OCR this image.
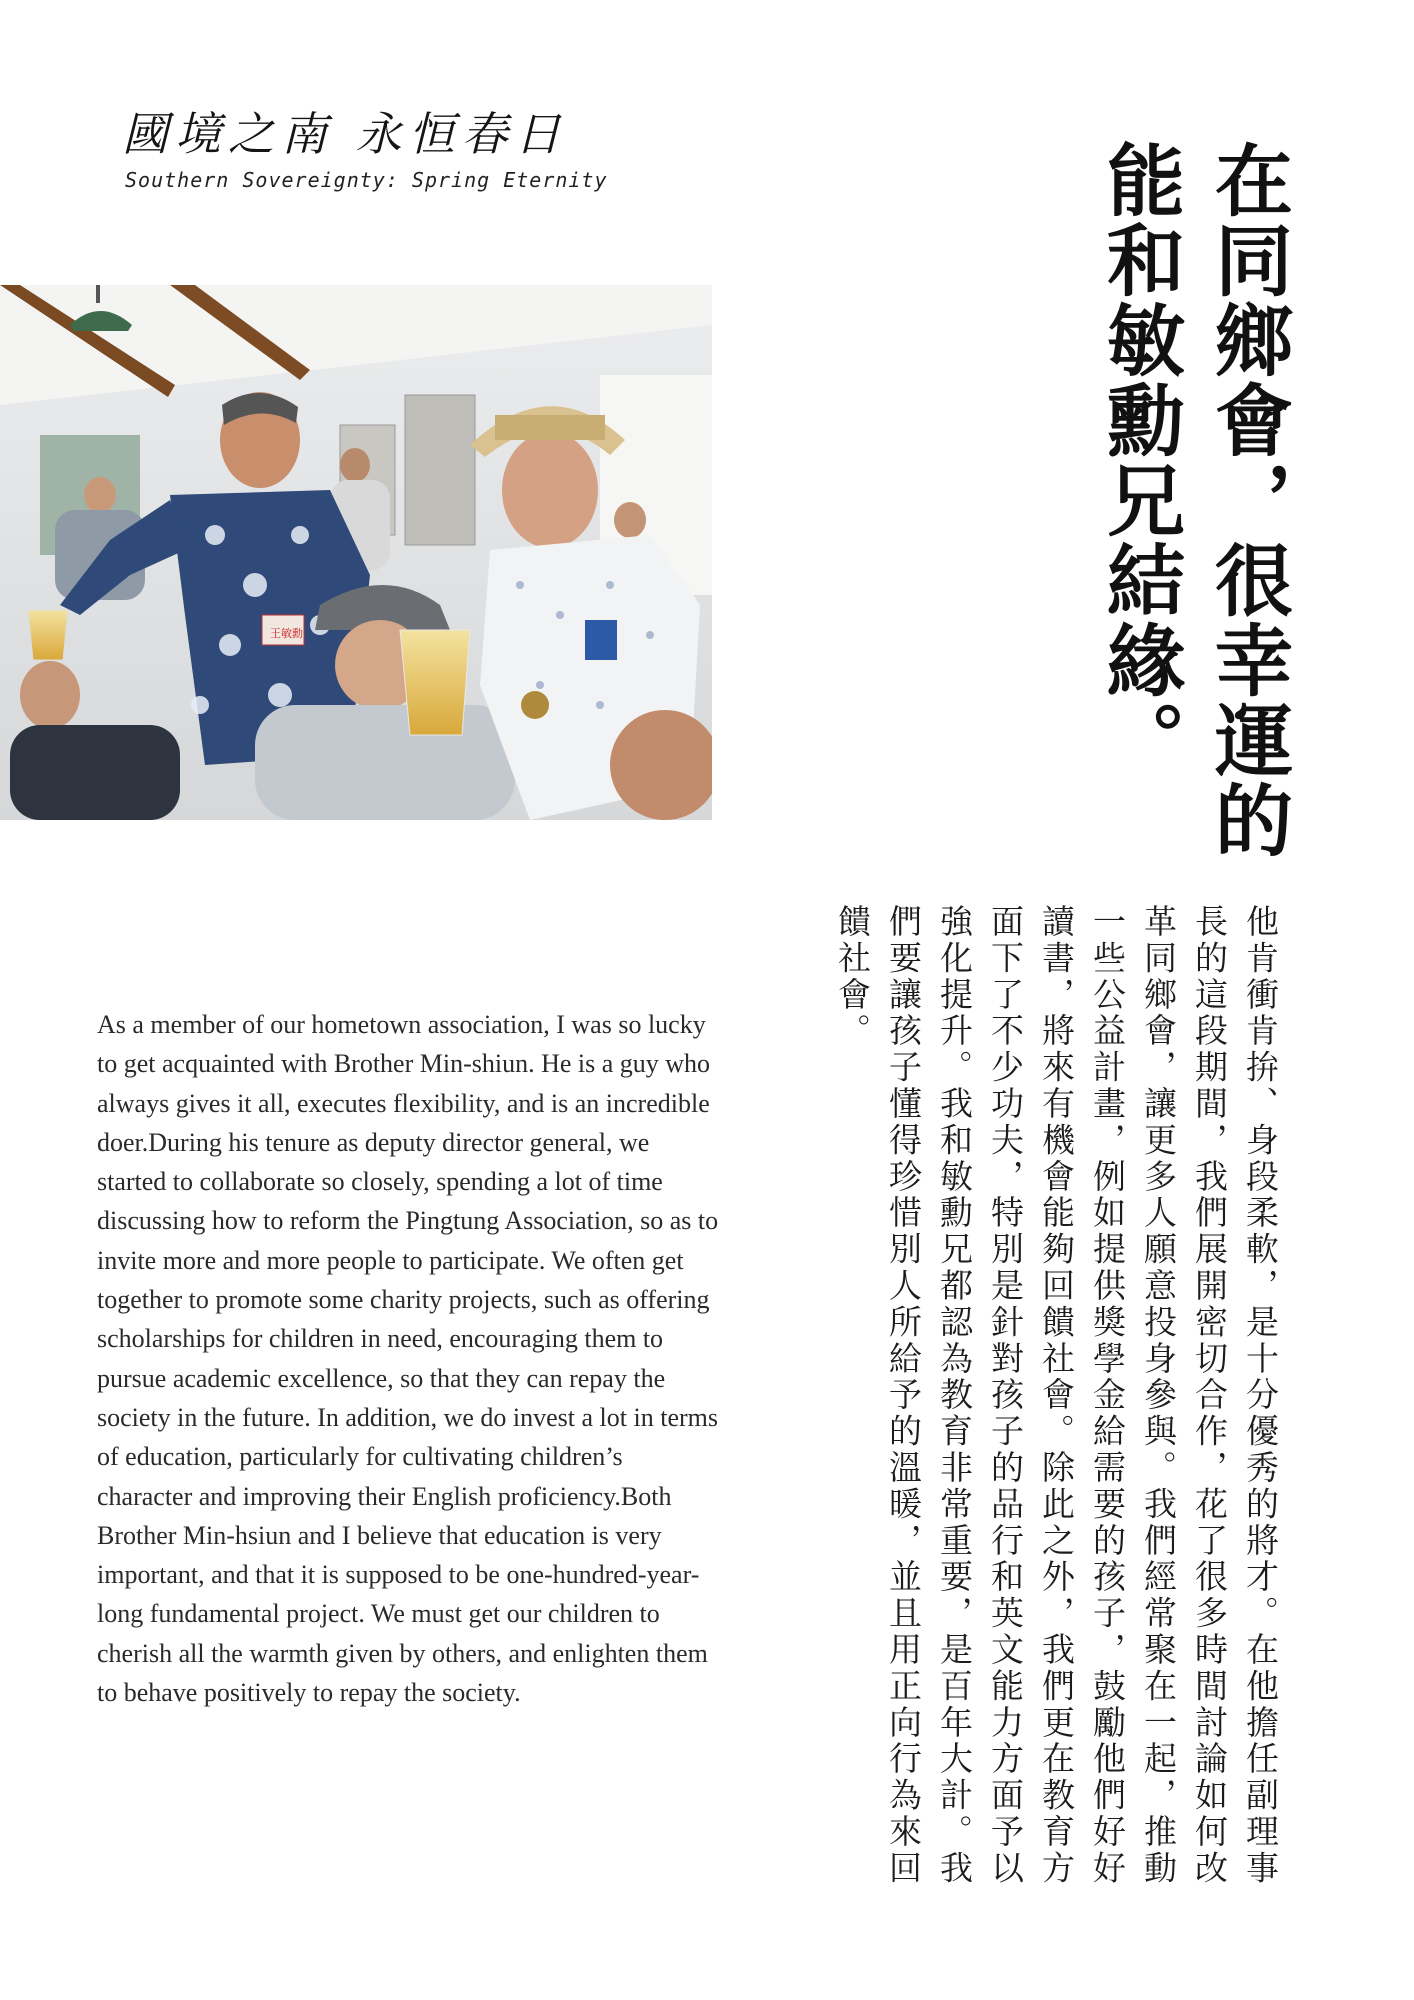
國境之南 永恒春日
Southern Sovereignty: Spring Eternity
王敏勳	在同鄉會，很幸運的能和敏勳兄結緣。
他肯衝肯拚、身段柔軟，是十分優秀的將才。在他擔任副理事長的這段期間，我們展開密切合作，花了很多時間討論如何改革同鄉會，讓更多人願意投身參與。我們經常聚在一起，推動一些公益計畫，例如提供獎學金給需要的孩子，鼓勵他們好好讀書，將來有機會能夠回饋社會。除此之外，我們更在教育方面下了不少功夫，特別是針對孩子的品行和英文能力方面予以強化提升。我和敏勳兄都認為教育非常重要，是百年大計。我們要讓孩子懂得珍惜別人所給予的溫暖，並且用正向行為來回饋社會。
As a member of our hometown association, I was so lucky to get acquainted with Brother Min-shiun. He is a guy who always gives it all, executes flexibility, and is an incredible doer.During his tenure as deputy director general, we started to collaborate so closely, spending a lot of time discussing how to reform the Pingtung Association, so as to invite more and more people to participate. We often get together to promote some charity projects, such as offering scholarships for children in need, encouraging them to pursue academic excellence, so that they can repay the society in the future. In addition, we do invest a lot in terms of education, particularly for cultivating children’s character and improving their English proficiency.Both Brother Min-hsiun and I believe that education is very important, and that it is supposed to be one-hundred-year-long fundamental project. We must get our children to cherish all the warmth given by others, and enlighten them to behave positively to repay the society.
